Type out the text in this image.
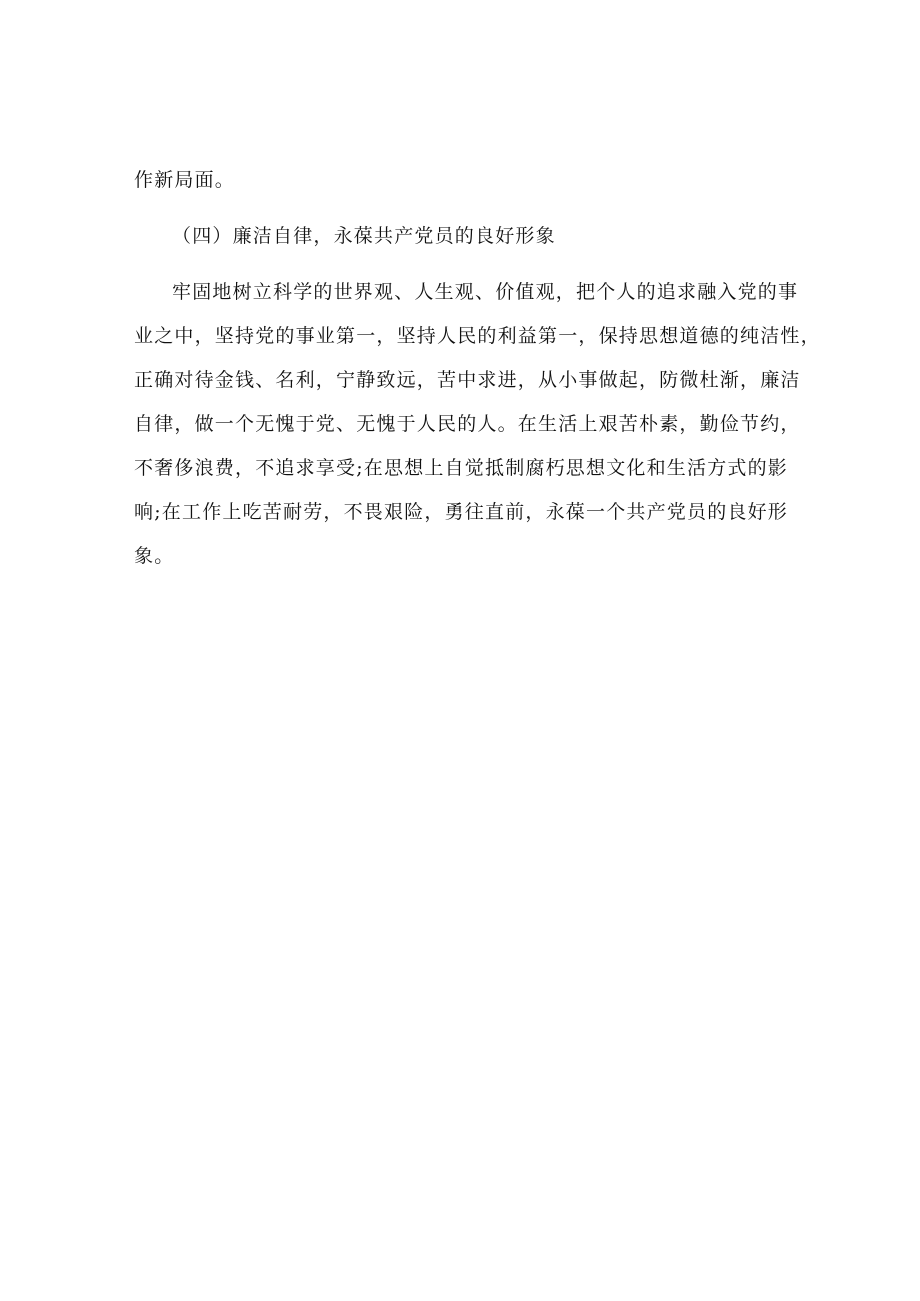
作新局面。
（四）廉洁自律，永葆共产党员的良好形象
牢固地树立科学的世界观、人生观、价值观，把个人的追求融入党的事
业之中，坚持党的事业第一，坚持人民的利益第一，保持思想道德的纯洁性，
正确对待金钱、名利，宁静致远，苦中求进，从小事做起，防微杜渐，廉洁
自律，做一个无愧于党、无愧于人民的人。在生活上艰苦朴素，勤俭节约，
不奢侈浪费，不追求享受;在思想上自觉抵制腐朽思想文化和生活方式的影
响;在工作上吃苦耐劳，不畏艰险，勇往直前，永葆一个共产党员的良好形
象。
